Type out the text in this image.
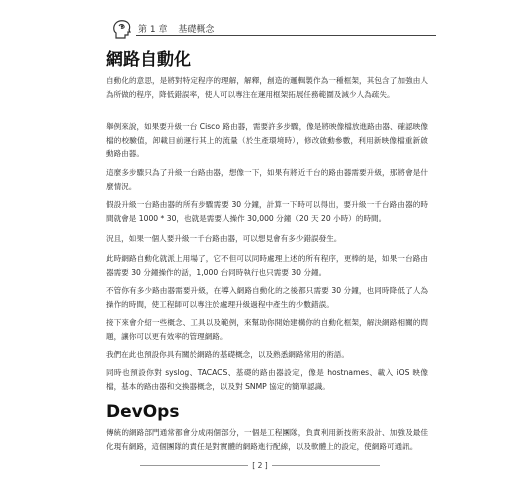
第 1 章 基礎概念
網路自動化

自動化的意思，是將對特定程序的理解，解釋，創造的邏輯製作為一種框架，其包含了加強由人為所做的程序，降低錯誤率，使人可以專注在運用框架拓展任務範圍及減少人為疏失。

舉例來說，如果要升級一台 Cisco 路由器，需要許多步驟，像是將映像檔放進路由器、確認映像檔的校驗值，卸載目前運行其上的流量（於生產環境時），修改啟動參數，利用新映像檔重新啟動路由器。

這麼多步驟只為了升級一台路由器，想像一下，如果有將近千台的路由器需要升級，那將會是什麼情況。

假設升級一台路由器的所有步驟需要 30 分鐘，計算一下時可以得出，要升級一千台路由器的時間就會是 1000 * 30，也就是需要人操作 30,000 分鐘（20 天 20 小時）的時間。

況且，如果一個人要升級一千台路由器，可以想見會有多少錯誤發生。

此時網路自動化就派上用場了，它不但可以同時處理上述的所有程序，更棒的是，如果一台路由器需要 30 分鐘操作的話，1,000 台同時執行也只需要 30 分鐘。

不管你有多少路由器需要升級，在導入網路自動化的之後都只需要 30 分鐘，也同時降低了人為操作的時間，使工程師可以專注於處理升級過程中產生的少數錯誤。

接下來會介紹一些概念、工具以及範例，來幫助你開始建構你的自動化框架，解決網路相關的問題，讓你可以更有效率的管理網路。

我們在此也預設你具有關於網路的基礎概念，以及熟悉網路常用的術語。

同時也預設你對 syslog、TACACS、基礎的路由器設定，像是 hostnames、載入 iOS 映像檔，基本的路由器和交換器概念，以及對 SNMP 協定的簡單認識。

DevOps

傳統的網路部門通常都會分成兩個部分，一個是工程團隊，負責利用新技術來設計、加強及最佳化現有網路，這個團隊的責任是對實體的網路進行配線，以及軟體上的設定，使網路可通訊。

[ 2 ]
